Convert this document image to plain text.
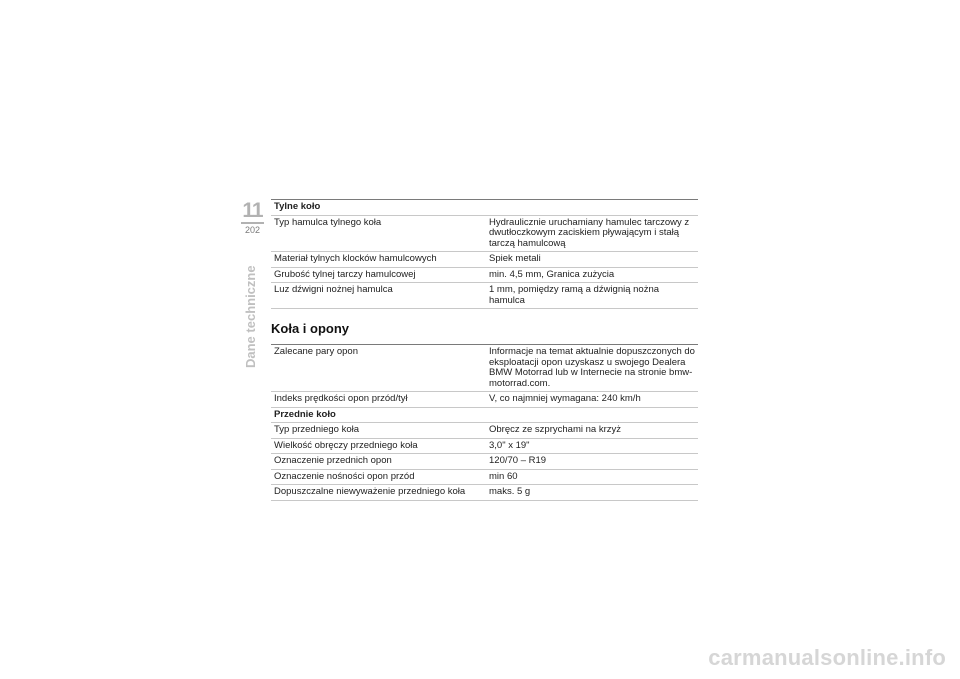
11
202
Dane techniczne
Tylne koło	
Typ hamulca tylnego koła	Hydraulicznie uruchamiany hamulec tarczowy z dwutłoczkowym zaciskiem pływającym i stałą tarczą hamulcową
Materiał tylnych klocków hamulcowych	Spiek metali
Grubość tylnej tarczy hamulcowej	min. 4,5 mm, Granica zużycia
Luz dźwigni nożnej hamulca	1 mm, pomiędzy ramą a dźwignią nożna hamulca
Koła i opony
Zalecane pary opon	Informacje na temat aktualnie dopuszczonych do eksploatacji opon uzyskasz u swojego Dealera BMW Motorrad lub w Internecie na stronie bmw-motorrad.com.
Indeks prędkości opon przód/tył	V, co najmniej wymagana: 240 km/h
Przednie koło	
Typ przedniego koła	Obręcz ze szprychami na krzyż
Wielkość obręczy przedniego koła	3,0" x 19"
Oznaczenie przednich opon	120/70 – R19
Oznaczenie nośności opon przód	min 60
Dopuszczalne niewyważenie przedniego koła	maks. 5 g
carmanualsonline.info
